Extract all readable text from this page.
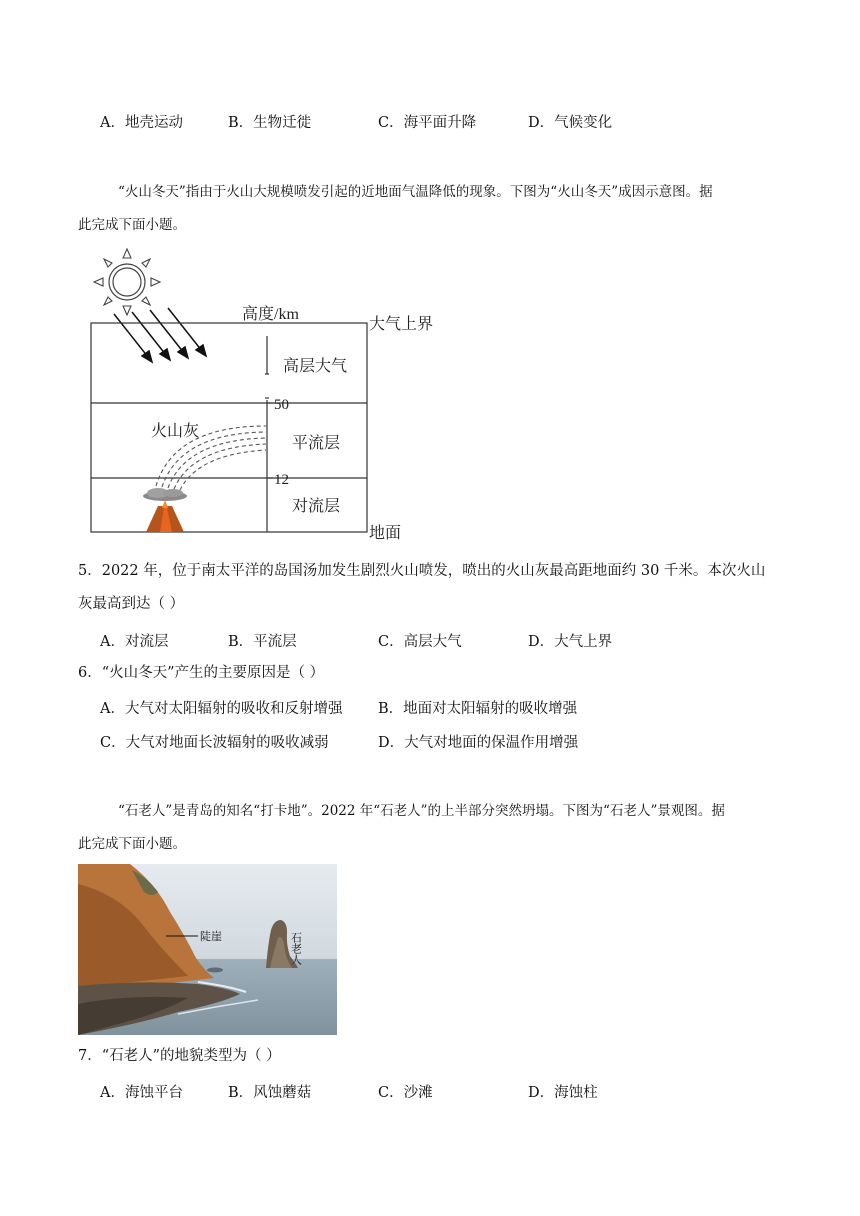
A．地壳运动	B．生物迁徙	C．海平面升降	D．气候变化
“火山冬天”指由于火山大规模喷发引起的近地面气温降低的现象。下图为“火山冬天”成因示意图。据
此完成下面小题。
高度/km
大气上界
高层大气
50
平流层
12
对流层
地面
火山灰
5．2022 年，位于南太平洋的岛国汤加发生剧烈火山喷发，喷出的火山灰最高距地面约 30 千米。本次火山
灰最高到达（ ）
A．对流层	B．平流层	C．高层大气	D．大气上界
6．“火山冬天”产生的主要原因是（ ）
A．大气对太阳辐射的吸收和反射增强 B．地面对太阳辐射的吸收增强
C．大气对地面长波辐射的吸收减弱	D．大气对地面的保温作用增强
“石老人”是青岛的知名“打卡地”。2022 年“石老人”的上半部分突然坍塌。下图为“石老人”景观图。据
此完成下面小题。
陡崖	石老人
7．“石老人”的地貌类型为（ ）
A．海蚀平台	B．风蚀蘑菇	C．沙滩	D．海蚀柱
